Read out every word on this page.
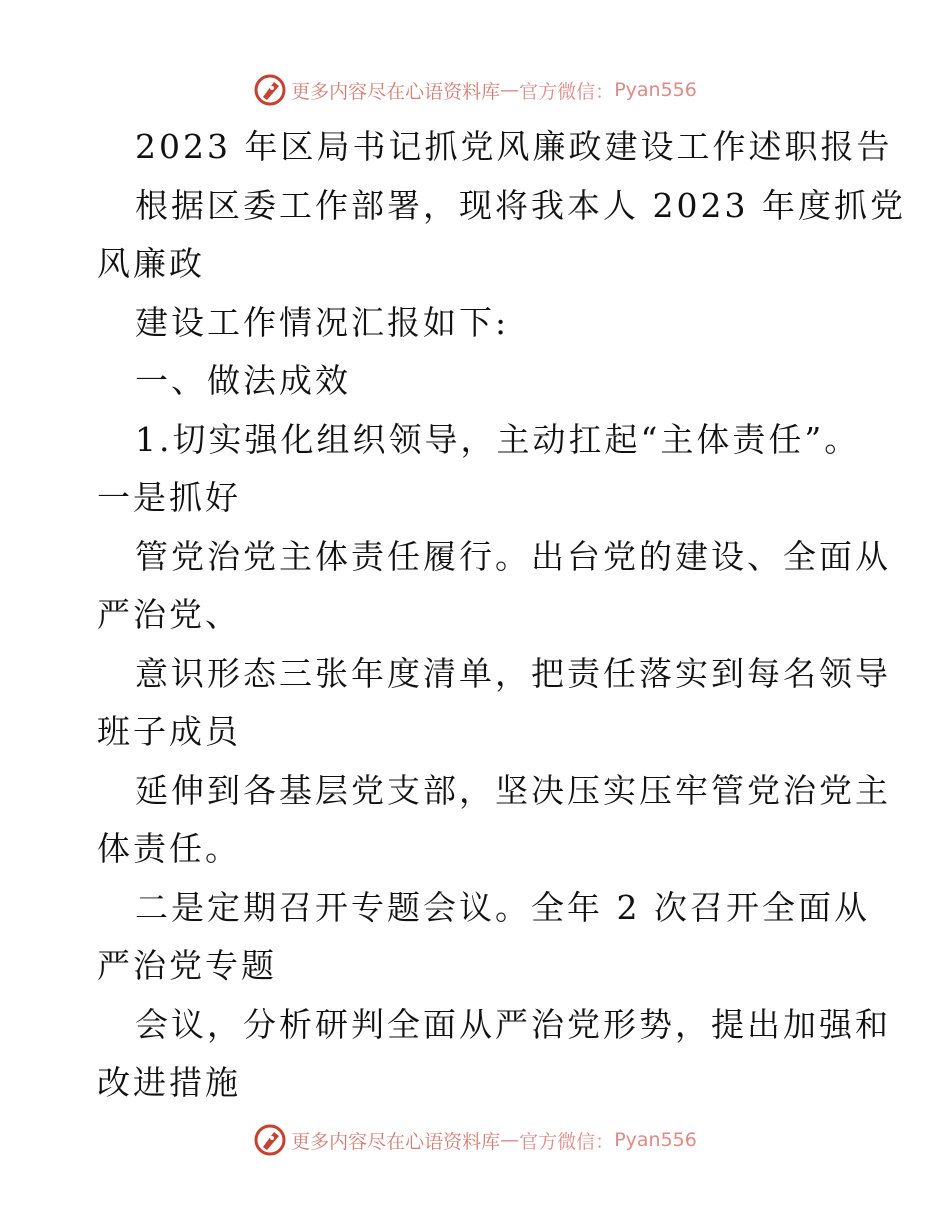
更多内容尽在心语资料库 — 官方微信： Pyan556

2023 年区局书记抓党风廉政建设工作述职报告

根据区委工作部署，现将我本人 2023 年度抓党

风廉政

建设工作情况汇报如下:

一、做法成效

1.切实强化组织领导，主动扛起“主体责任”。

一是抓好

管党治党主体责任履行。出台党的建设、全面从

严治党、

意识形态三张年度清单，把责任落实到每名领导

班子成员

延伸到各基层党支部，坚决压实压牢管党治党主

体责任。

二是定期召开专题会议。全年 2 次召开全面从

严治党专题

会议，分析研判全面从严治党形势，提出加强和

改进措施

更多内容尽在心语资料库 — 官方微信： Pyan556
